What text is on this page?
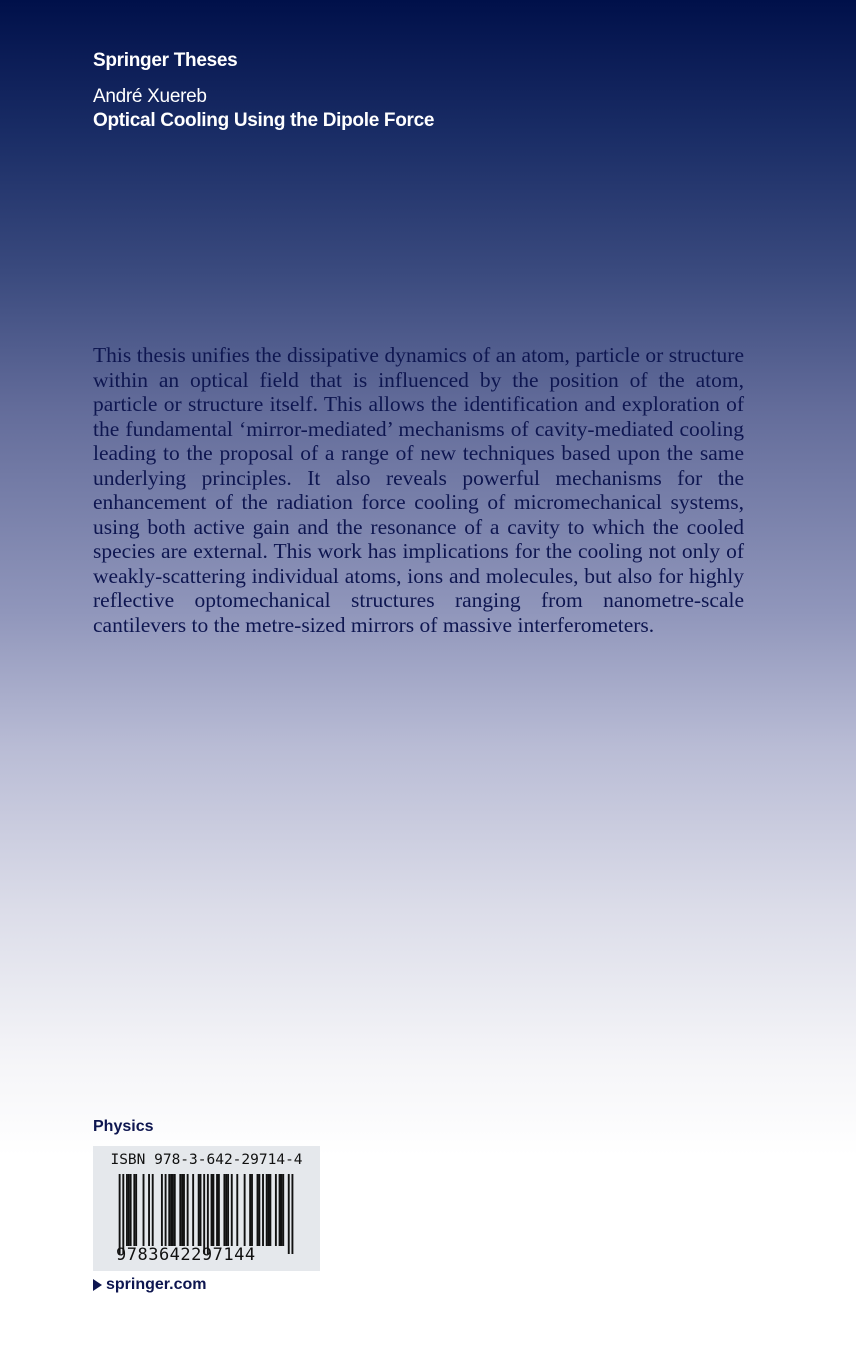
Springer Theses

André Xuereb

Optical Cooling Using the Dipole Force

This thesis unifies the dissipative dynamics of an atom, particle or structure within an optical field that is influenced by the position of the atom, particle or structure itself. This allows the identification and exploration of the fundamental ‘mirror-mediated’ mechanisms of cavity-mediated cooling leading to the proposal of a range of new techniques based upon the same underlying principles. It also reveals powerful mechanisms for the enhancement of the radiation force cooling of micromechanical systems, using both active gain and the resonance of a cavity to which the cooled species are external. This work has implications for the cooling not only of weakly-scattering individual atoms, ions and molecules, but also for highly reflective optomechanical structures ranging from nanometre-scale cantilevers to the metre-sized mirrors of massive interferometers.

Physics

ISBN 978-3-642-29714-4

9783642297144

springer.com
